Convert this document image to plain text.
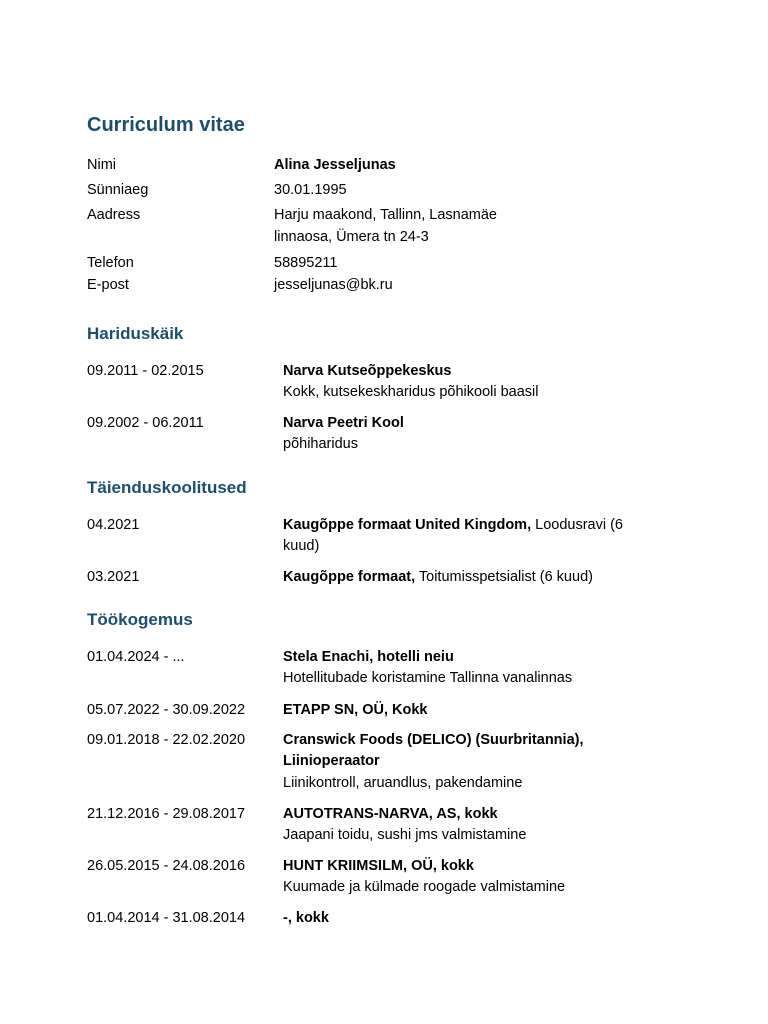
Curriculum vitae

Nimi	Alina Jesseljunas

Sünniaeg	30.01.1995

Aadress	Harju maakond, Tallinn, Lasnamäe

linnaosa, Ümera tn 24-3

Telefon	58895211

E-post	jesseljunas@bk.ru

Hariduskäik

09.2011 - 02.2015	Narva Kutseõppekeskus

Kokk, kutsekeskharidus põhikooli baasil

09.2002 - 06.2011	Narva Peetri Kool

põhiharidus

Täienduskoolitused

04.2021	Kaugõppe formaat United Kingdom, Loodusravi (6

kuud)

03.2021	Kaugõppe formaat, Toitumisspetsialist (6 kuud)

Töökogemus

01.04.2024 - ...	Stela Enachi, hotelli neiu

Hotellitubade koristamine Tallinna vanalinnas

05.07.2022 - 30.09.2022	ETAPP SN, OÜ, Kokk

09.01.2018 - 22.02.2020	Cranswick Foods (DELICO) (Suurbritannia),

Liinioperaator

Liinikontroll, aruandlus, pakendamine

21.12.2016 - 29.08.2017	AUTOTRANS-NARVA, AS, kokk

Jaapani toidu, sushi jms valmistamine

26.05.2015 - 24.08.2016	HUNT KRIIMSILM, OÜ, kokk

Kuumade ja külmade roogade valmistamine

01.04.2014 - 31.08.2014	-, kokk
